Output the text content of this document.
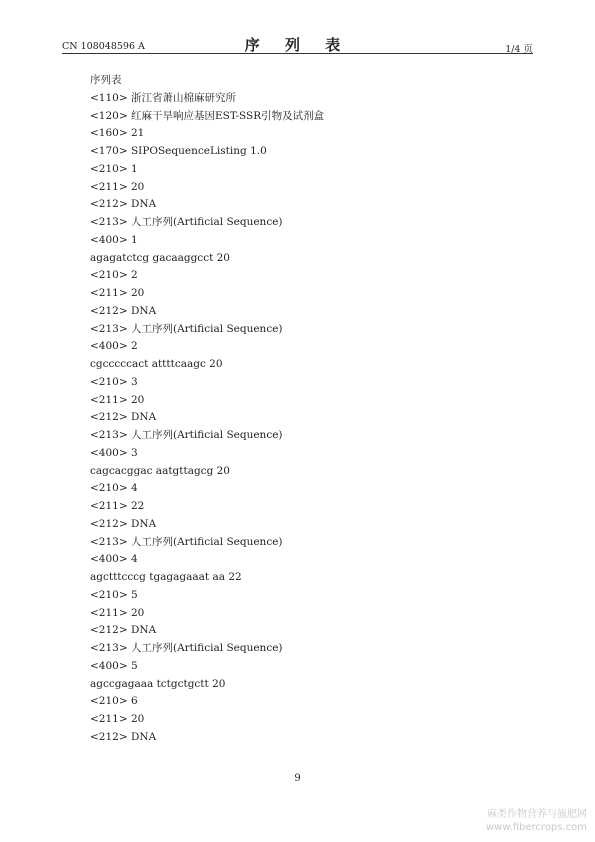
CN 108048596 A	序 列 表	1/4 页
序列表
<110> 浙江省萧山棉麻研究所
<120> 红麻干旱响应基因EST-SSR引物及试剂盒
<160> 21
<170> SIPOSequenceListing 1.0
<210> 1
<211> 20
<212> DNA
<213> 人工序列(Artificial Sequence)
<400> 1
agagatctcg gacaaggcct 20
<210> 2
<211> 20
<212> DNA
<213> 人工序列(Artificial Sequence)
<400> 2
cgcccccact attttcaagc 20
<210> 3
<211> 20
<212> DNA
<213> 人工序列(Artificial Sequence)
<400> 3
cagcacggac aatgttagcg 20
<210> 4
<211> 22
<212> DNA
<213> 人工序列(Artificial Sequence)
<400> 4
agctttcccg tgagagaaat aa 22
<210> 5
<211> 20
<212> DNA
<213> 人工序列(Artificial Sequence)
<400> 5
agccgagaaa tctgctgctt 20
<210> 6
<211> 20
<212> DNA
9
麻类作物营养与施肥网
www.fibercrops.com
